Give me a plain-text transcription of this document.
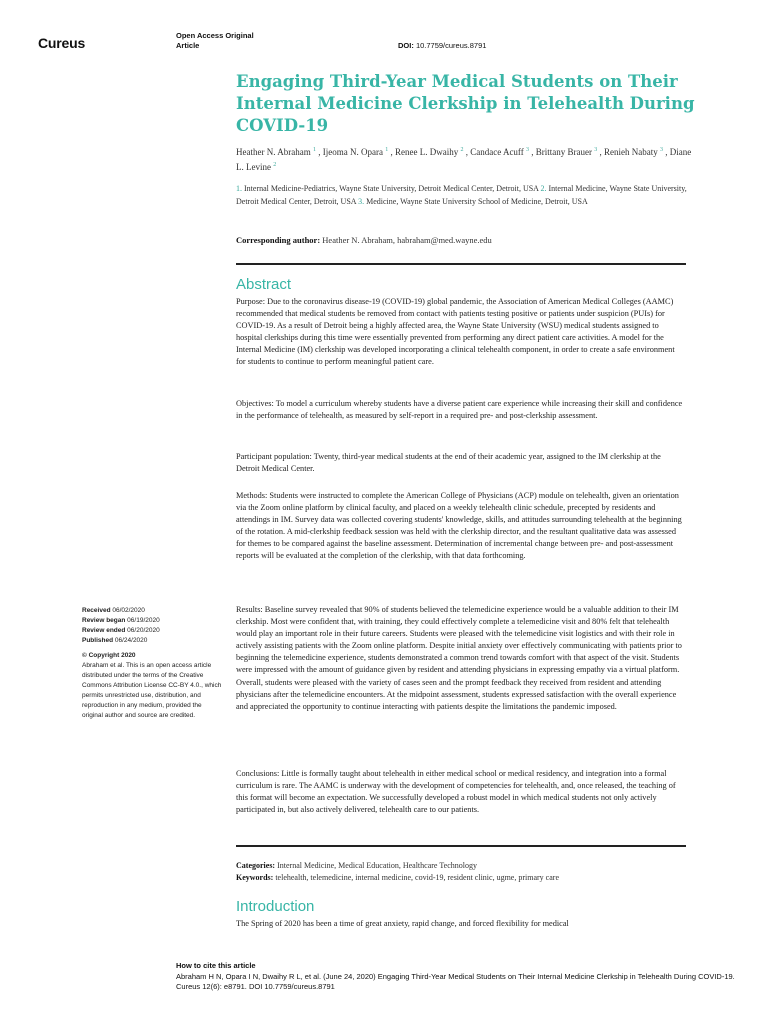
Cureus	Open Access Original
Article	DOI: 10.7759/cureus.8791
Engaging Third-Year Medical Students on Their Internal Medicine Clerkship in Telehealth During COVID-19
Heather N. Abraham $^1$ , Ijeoma N. Opara $^1$ , Renee L. Dwaihy $^2$ , Candace Acuff $^3$ , Brittany Brauer $^3$ , Renieh Nabaty $^3$ , Diane L. Levine $^2$
1. Internal Medicine-Pediatrics, Wayne State University, Detroit Medical Center, Detroit, USA 2. Internal Medicine, Wayne State University, Detroit Medical Center, Detroit, USA 3. Medicine, Wayne State University School of Medicine, Detroit, USA
Corresponding author: Heather N. Abraham, habraham@med.wayne.edu
Abstract

Purpose: Due to the coronavirus disease-19 (COVID-19) global pandemic, the Association of American Medical Colleges (AAMC) recommended that medical students be removed from contact with patients testing positive or patients under suspicion (PUIs) for COVID-19. As a result of Detroit being a highly affected area, the Wayne State University (WSU) medical students assigned to hospital clerkships during this time were essentially prevented from performing any direct patient care activities. A model for the Internal Medicine (IM) clerkship was developed incorporating a clinical telehealth component, in order to create a safe environment for students to continue to perform meaningful patient care.

Objectives: To model a curriculum whereby students have a diverse patient care experience while increasing their skill and confidence in the performance of telehealth, as measured by self-report in a required pre- and post-clerkship assessment.

Participant population: Twenty, third-year medical students at the end of their academic year, assigned to the IM clerkship at the Detroit Medical Center.

Methods: Students were instructed to complete the American College of Physicians (ACP) module on telehealth, given an orientation via the Zoom online platform by clinical faculty, and placed on a weekly telehealth clinic schedule, precepted by residents and attendings in IM. Survey data was collected covering students' knowledge, skills, and attitudes surrounding telehealth at the beginning of the rotation. A mid-clerkship feedback session was held with the clerkship director, and the resultant qualitative data was assessed for themes to be compared against the baseline assessment. Determination of incremental change between pre- and post-assessment reports will be evaluated at the completion of the clerkship, with that data forthcoming.

Results: Baseline survey revealed that 90% of students believed the telemedicine experience would be a valuable addition to their IM clerkship. Most were confident that, with training, they could effectively complete a telemedicine visit and 80% felt that telehealth would play an important role in their future careers. Students were pleased with the telemedicine visit logistics and with their role in actively assisting patients with the Zoom online platform. Despite initial anxiety over effectively communicating with patients prior to beginning the telemedicine experience, students demonstrated a common trend towards comfort with that aspect of the visit. Students were impressed with the amount of guidance given by resident and attending physicians in expressing empathy via a virtual platform. Overall, students were pleased with the variety of cases seen and the prompt feedback they received from resident and attending physicians after the telemedicine encounters. At the midpoint assessment, students expressed satisfaction with the overall experience and appreciated the opportunity to continue interacting with patients despite the limitations the pandemic imposed.

Conclusions: Little is formally taught about telehealth in either medical school or medical residency, and integration into a formal curriculum is rare. The AAMC is underway with the development of competencies for telehealth, and, once released, the teaching of this format will become an expectation. We successfully developed a robust model in which medical students not only actively participated in, but also actively delivered, telehealth care to our patients.

Received 06/02/2020
Review began 06/19/2020
Review ended 06/20/2020
Published 06/24/2020
© Copyright 2020
Abraham et al. This is an open access article distributed under the terms of the Creative Commons Attribution License CC-BY 4.0., which permits unrestricted use, distribution, and reproduction in any medium, provided the original author and source are credited.
Categories: Internal Medicine, Medical Education, Healthcare Technology
Keywords: telehealth, telemedicine, internal medicine, covid-19, resident clinic, ugme, primary care
Introduction

The Spring of 2020 has been a time of great anxiety, rapid change, and forced flexibility for medical

How to cite this article
Abraham H N, Opara I N, Dwaihy R L, et al. (June 24, 2020) Engaging Third-Year Medical Students on Their Internal Medicine Clerkship in Telehealth During COVID-19. Cureus 12(6): e8791. DOI 10.7759/cureus.8791
